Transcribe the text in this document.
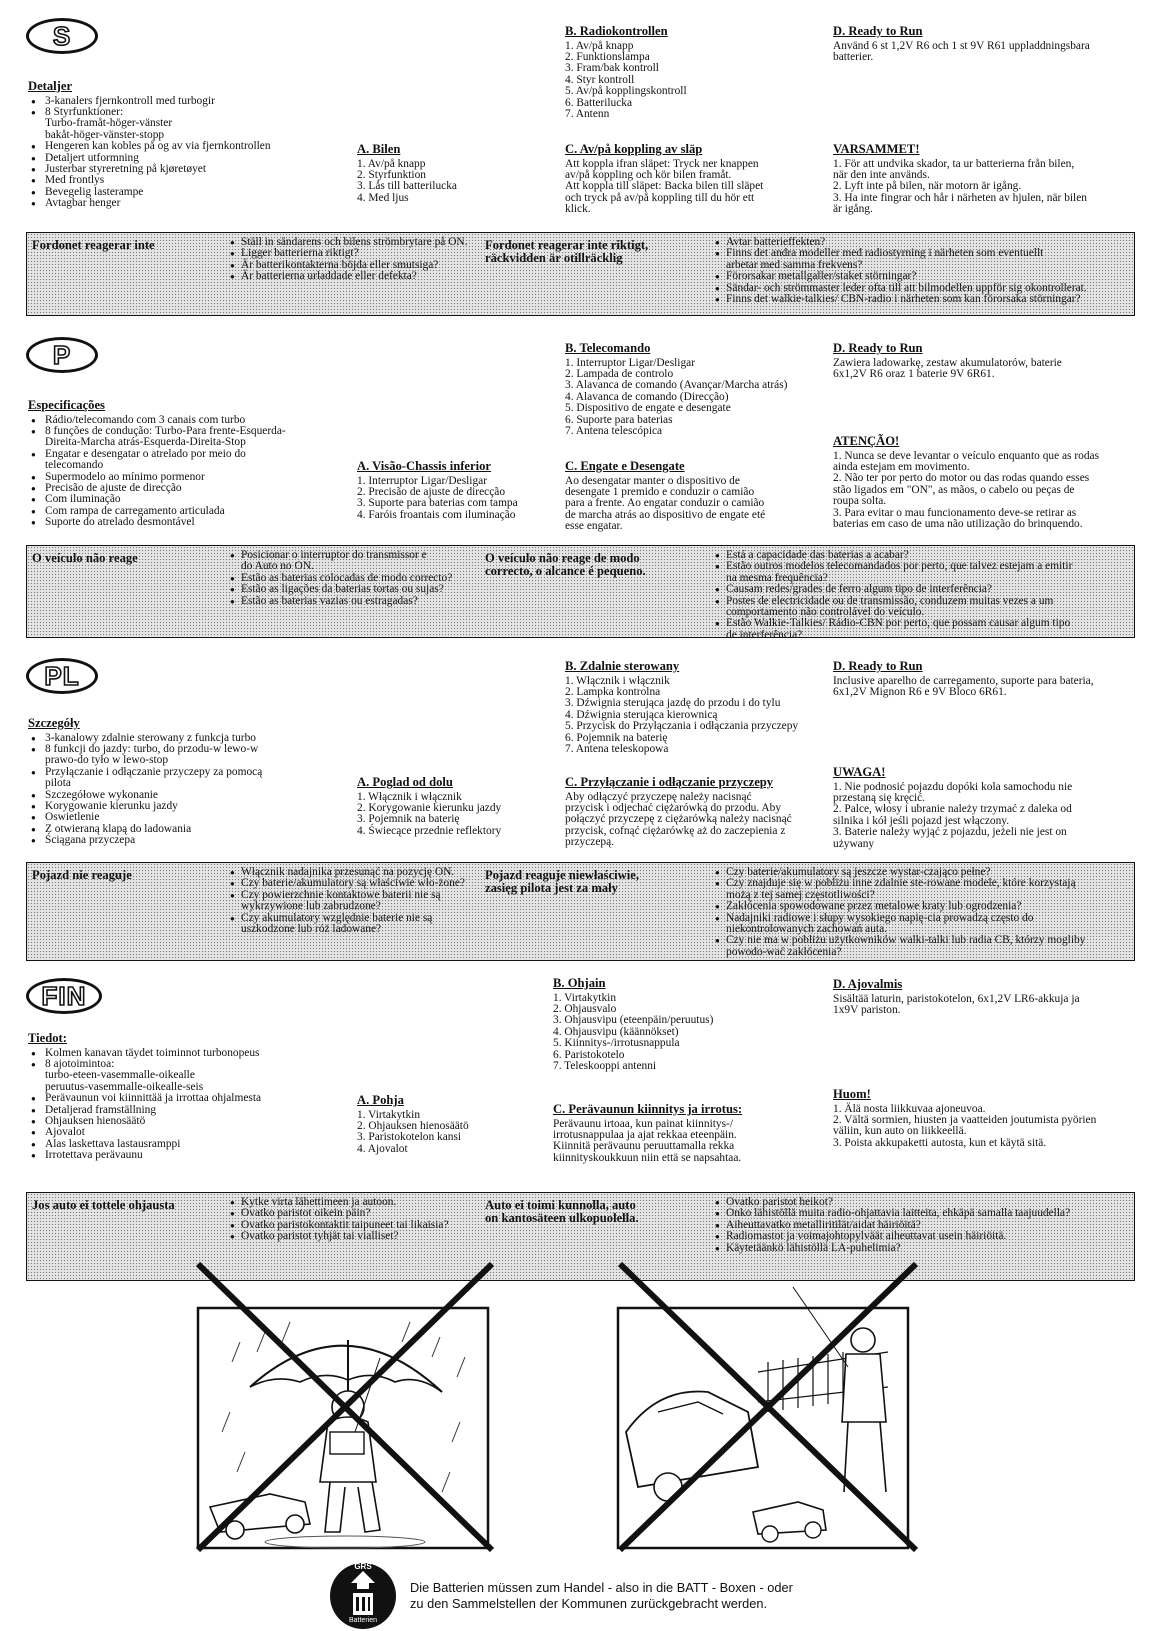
S
Detaljer
● 3-kanalers fjernkontroll med turbogir
● 8 Styrfunktioner:
Turbo-framåt-höger-vänster
bakåt-höger-vänster-stopp
● Hengeren kan kobles på og av via fjernkontrollen
● Detaljert utformning
● Justerbar styreretning på kjøretøyet
● Med frontlys
● Bevegelig lasterampe
● Avtagbar henger
A. Bilen
1. Av/på knapp
2. Styrfunktion
3. Lås till batterilucka
4. Med ljus
B. Radiokontrollen
1. Av/på knapp
2. Funktionslampa
3. Fram/bak kontroll
4. Styr kontroll
5. Av/på kopplingskontroll
6. Batterilucka
7. Antenn
C. Av/på koppling av släp
Att koppla ifran släpet: Tryck ner knappen
av/på koppling och kör bilen framåt.
Att koppla till släpet: Backa bilen till släpet
och tryck på av/på koppling till du hör ett
klick.
D. Ready to Run
Använd 6 st 1,2V R6 och 1 st 9V R61 uppladdningsbara
batterier.
VARSAMMET!
1. För att undvika skador, ta ur batterierna från bilen,
när den inte används.
2. Lyft inte på bilen, när motorn är igång.
3. Ha inte fingrar och hår i närheten av hjulen, när bilen
är igång.
Fordonet reagerar inte	● Ställ in sändarens och bilens strömbrytare på ON.
● Ligger batterierna riktigt?
● Är batterikontakterna böjda eller smutsiga?
● Är batterierna urladdade eller defekta?
Fordonet reagerar inte riktigt,
räckvidden är otillräcklig
● Avtar batterieffekten?
● Finns det andra modeller med radiostyrning i närheten som eventuellt
arbetar med samma frekvens?
● Förorsakar metallgaller/staket störningar?
● Sändar- och strömmaster leder ofta till att bilmodellen uppför sig okontrollerat.
● Finns det walkie-talkies/ CBN-radio i närheten som kan förorsaka störningar?
P
Especificações
● Rádio/telecomando com 3 canais com turbo
● 8 funções de condução: Turbo-Para frente-Esquerda-
Direita-Marcha atrás-Esquerda-Direita-Stop
● Engatar e desengatar o atrelado por meio do
telecomando
● Supermodelo ao mínimo pormenor
● Precisão de ajuste de direcção
● Com iluminação
● Com rampa de carregamento articulada
● Suporte do atrelado desmontável
A. Visão-Chassis inferior
1. Interruptor Ligar/Desligar
2. Precisão de ajuste de direcção
3. Suporte para baterias com tampa
4. Faróis froantais com iluminação
B. Telecomando
1. Interruptor Ligar/Desligar
2. Lampada de controlo
3. Alavanca de comando (Avançar/Marcha atrás)
4. Alavanca de comando (Direcção)
5. Dispositivo de engate e desengate
6. Suporte para baterias
7. Antena telescópica
C. Engate e Desengate
Ao desengatar manter o dispositivo de
desengate 1 premido e conduzir o camião
para a frente. Ao engatar conduzir o camião
de marcha atrás ao dispositivo de engate eté
esse engatar.
D. Ready to Run
Zawiera ladowarkę, zestaw akumulatorów, baterie
6x1,2V R6 oraz 1 baterie 9V 6R61.
ATENÇÃO!
1. Nunca se deve levantar o veículo enquanto que as rodas
ainda estejam em movimento.
2. Não ter por perto do motor ou das rodas quando esses
stão ligados em "ON", as mãos, o cabelo ou peças de
roupa solta.
3. Para evitar o mau funcionamento deve-se retirar as
baterias em caso de uma não utilização do brinquendo.
O veículo não reage	● Posicionar o interruptor do transmissor e
do Auto no ON.
● Estão as baterias colocadas de modo correcto?
● Estão as ligações da baterias tortas ou sujas?
● Estão as baterias vazias ou estragadas?
O veículo não reage de modo
correcto, o alcance é pequeno.
● Está a capacidade das baterias a acabar?
● Estão outros modelos telecomandados por perto, que talvez estejam a emitir
na mesma frequência?
● Causam redes/grades de ferro algum tipo de interferência?
● Postes de electricidade ou de transmissão, conduzem muitas vezes a um
comportamento não controlável do veículo.
● Estão Walkie-Talkies/ Rádio-CBN por perto, que possam causar algum tipo
de interferência?
PL
Szczegóły
● 3-kanalowy zdalnie sterowany z funkcja turbo
● 8 funkcji do jazdy: turbo, do przodu-w lewo-w
prawo-do tyło w lewo-stop
● Przyłączanie i odłączanie przyczepy za pomocą
pilota
● Szczegółowe wykonanie
● Korygowanie kierunku jazdy
● Oswietlenie
● Z otwieraną klapą do ladowania
● Ściągana przyczepa
A. Poglad od dolu
1. Włącznik i włącznik
2. Korygowanie kierunku jazdy
3. Pojemnik na baterię
4. Świecące przednie reflektory
B. Zdalnie sterowany
1. Włącznik i włącznik
2. Lampka kontrolna
3. Dźwignia sterująca jazdę do przodu i do tylu
4. Dźwignia sterująca kierownicą
5. Przycisk do Przyłączania i odłączania przyczepy
6. Pojemnik na baterię
7. Antena teleskopowa
C. Przyłączanie i odłączanie przyczepy
Aby odłączyć przyczepę należy nacisnąć
przycisk i odjechać ciężarówką do przodu. Aby
połączyć przyczepę z ciężarówką należy nacisnąć
przycisk, cofnąć ciężarówkę aż do zaczepienia z
przyczepą.
D. Ready to Run
Inclusive aparelho de carregamento, suporte para bateria,
6x1,2V Mignon R6 e 9V Bloco 6R61.
UWAGA!
1. Nie podnosić pojazdu dopóki kola samochodu nie
przestaną się kręcić.
2. Palce, włosy i ubranie należy trzymać z daleka od
silnika i kół jeśli pojazd jest włączony.
3. Baterie należy wyjąć z pojazdu, jeżeli nie jest on
używany
Pojazd nie reaguje	● Włącznik nadajnika przesunąć na pozycję ON.
● Czy baterie/akumulatory są właściwie wło-żone?
● Czy powierzchnie kontaktowe baterii nie są
wykrzywione lub zabrudzone?
● Czy akumulatory względnie baterie nie są
uszkodzone lub róż ladowane?
Pojazd reaguje niewłaściwie,
zasięg pilota jest za mały
● Czy baterie/akumulatory są jeszcze wystar-czająco pełne?
● Czy znajduje się w pobliżu inne zdalnie ste-rowane modele, które korzystają
możą z tej samej częstotliwości?
● Zakłócenia spowodowane przez metalowe kraty lub ogrodzenia?
● Nadajniki radiowe i słupy wysokiego napię-cia prowadzą często do
niekontrolowanych zachowań auta.
● Czy nie ma w pobliżu użytkowników walki-talki lub radia CB, którzy mogliby
powodo-wać zakłócenia?
FIN
Tiedot:
● Kolmen kanavan täydet toiminnot turbonopeus
● 8 ajotoimintoa:
turbo-eteen-vasemmalle-oikealle
peruutus-vasemmalle-oikealle-seis
● Perävaunun voi kiinnittää ja irrottaa ohjalmesta
● Detaljerad framställning
● Ohjauksen hienosäätö
● Ajovalot
● Alas laskettava lastausramppi
● Irrotettava perävaunu
A. Pohja
1. Virtakytkin
2. Ohjauksen hienosäätö
3. Paristokotelon kansi
4. Ajovalot
B. Ohjain
1. Virtakytkin
2. Ohjausvalo
3. Ohjausvipu (eteenpäin/peruutus)
4. Ohjausvipu (käännökset)
5. Kiinnitys-/irrotusnappula
6. Paristokotelo
7. Teleskooppi antenni
C. Perävaunun kiinnitys ja irrotus:
Perävaunu irtoaa, kun painat kiinnitys-/
irrotusnappulaa ja ajat rekkaa eteenpäin.
Kiinnitä perävaunu peruuttamalla rekka
kiinnityskoukkuun niin että se napsahtaa.
D. Ajovalmis
Sisältää laturin, paristokotelon, 6x1,2V LR6-akkuja ja
1x9V pariston.
Huom!
1. Älä nosta liikkuvaa ajoneuvoa.
2. Vältä sormien, hiusten ja vaatteiden joutumista pyörien
väliin, kun auto on liikkeellä.
3. Poista akkupaketti autosta, kun et käytä sitä.
Jos auto ei tottele ohjausta	● Kytke virta lähettimeen ja autoon.
● Ovatko paristot oikein päin?
● Ovatko paristokontaktit taipuneet tai likaisia?
● Ovatko paristot tyhjät tai vialliset?
Auto ei toimi kunnolla, auto
on kantosäteen ulkopuolella.
● Ovatko paristot heikot?
● Onko lähistöllä muita radio-ohjattavia laitteita, ehkäpä samalla taajuudella?
● Aiheuttavatko metalliritilät/aidat häiriöitä?
● Radiomastot ja voimajohtopylväät aiheuttavat usein häiriöitä.
● Käytetäänkö lähistöllä LA-puhelimia?
GRS
Batterien
Die Batterien müssen zum Handel - also in die BATT - Boxen - oder
zu den Sammelstellen der Kommunen zurückgebracht werden.
